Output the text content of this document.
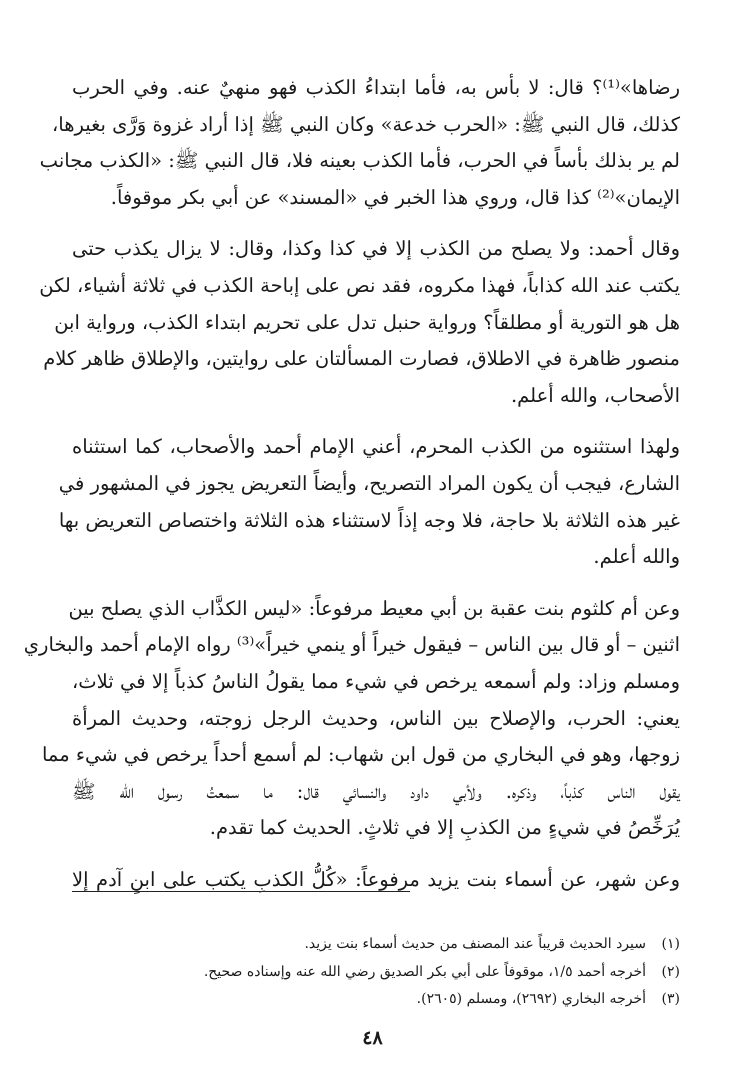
رضاها»⁽¹⁾؟ قال: لا بأس به، فأما ابتداءُ الكذب فهو منهيٌ عنه. وفي الحرب
كذلك، قال النبي ﷺ: «الحرب خدعة» وكان النبي ﷺ إذا أراد غزوة وَرَّى بغيرها،
لم ير بذلك بأساً في الحرب، فأما الكذب بعينه فلا، قال النبي ﷺ: «الكذب مجانب
الإيمان»⁽²⁾ كذا قال، وروي هذا الخبر في «المسند» عن أبي بكر موقوفاً.
وقال أحمد: ولا يصلح من الكذب إلا في كذا وكذا، وقال: لا يزال يكذب حتى
يكتب عند الله كذاباً، فهذا مكروه، فقد نص على إباحة الكذب في ثلاثة أشياء، لكن
هل هو التورية أو مطلقاً؟ ورواية حنبل تدل على تحريم ابتداء الكذب، ورواية ابن
منصور ظاهرة في الاطلاق، فصارت المسألتان على روايتين، والإطلاق ظاهر كلام
الأصحاب، والله أعلم.
ولهذا استثنوه من الكذب المحرم، أعني الإمام أحمد والأصحاب، كما استثناه
الشارع، فيجب أن يكون المراد التصريح، وأيضاً التعريض يجوز في المشهور في
غير هذه الثلاثة بلا حاجة، فلا وجه إذاً لاستثناء هذه الثلاثة واختصاص التعريض بها
والله أعلم.
وعن أم كلثوم بنت عقبة بن أبي معيط مرفوعاً: «ليس الكذَّاب الذي يصلح بين
اثنين – أو قال بين الناس – فيقول خيراً أو ينمي خيراً»⁽³⁾ رواه الإمام أحمد والبخاري
ومسلم وزاد: ولم أسمعه يرخص في شيء مما يقولُ الناسُ كذباً إلا في ثلاث،
يعني: الحرب، والإصلاح بين الناس، وحديث الرجل زوجته، وحديث المرأة
زوجها، وهو في البخاري من قول ابن شهاب: لم أسمع أحداً يرخص في شيء مما
يقول الناس كذباً، وذكره. ولأبي داود والنسائي قال: ما سمعتُ رسول الله ﷺ
يُرَخِّصُ في شيءٍ من الكذبِ إلا في ثلاثٍ. الحديث كما تقدم.
وعن شهر، عن أسماء بنت يزيد مرفوعاً: «كُلُّ الكذبِ يكتب على ابنِ آدم إلا
(١)
سيرد الحديث قريباً عند المصنف من حديث أسماء بنت يزيد.
(٢)
أخرجه أحمد ١/٥، موقوفاً على أبي بكر الصديق رضي الله عنه وإسناده صحيح.
(٣)
أخرجه البخاري (٢٦٩٢)، ومسلم (٢٦٠٥).
٤٨
